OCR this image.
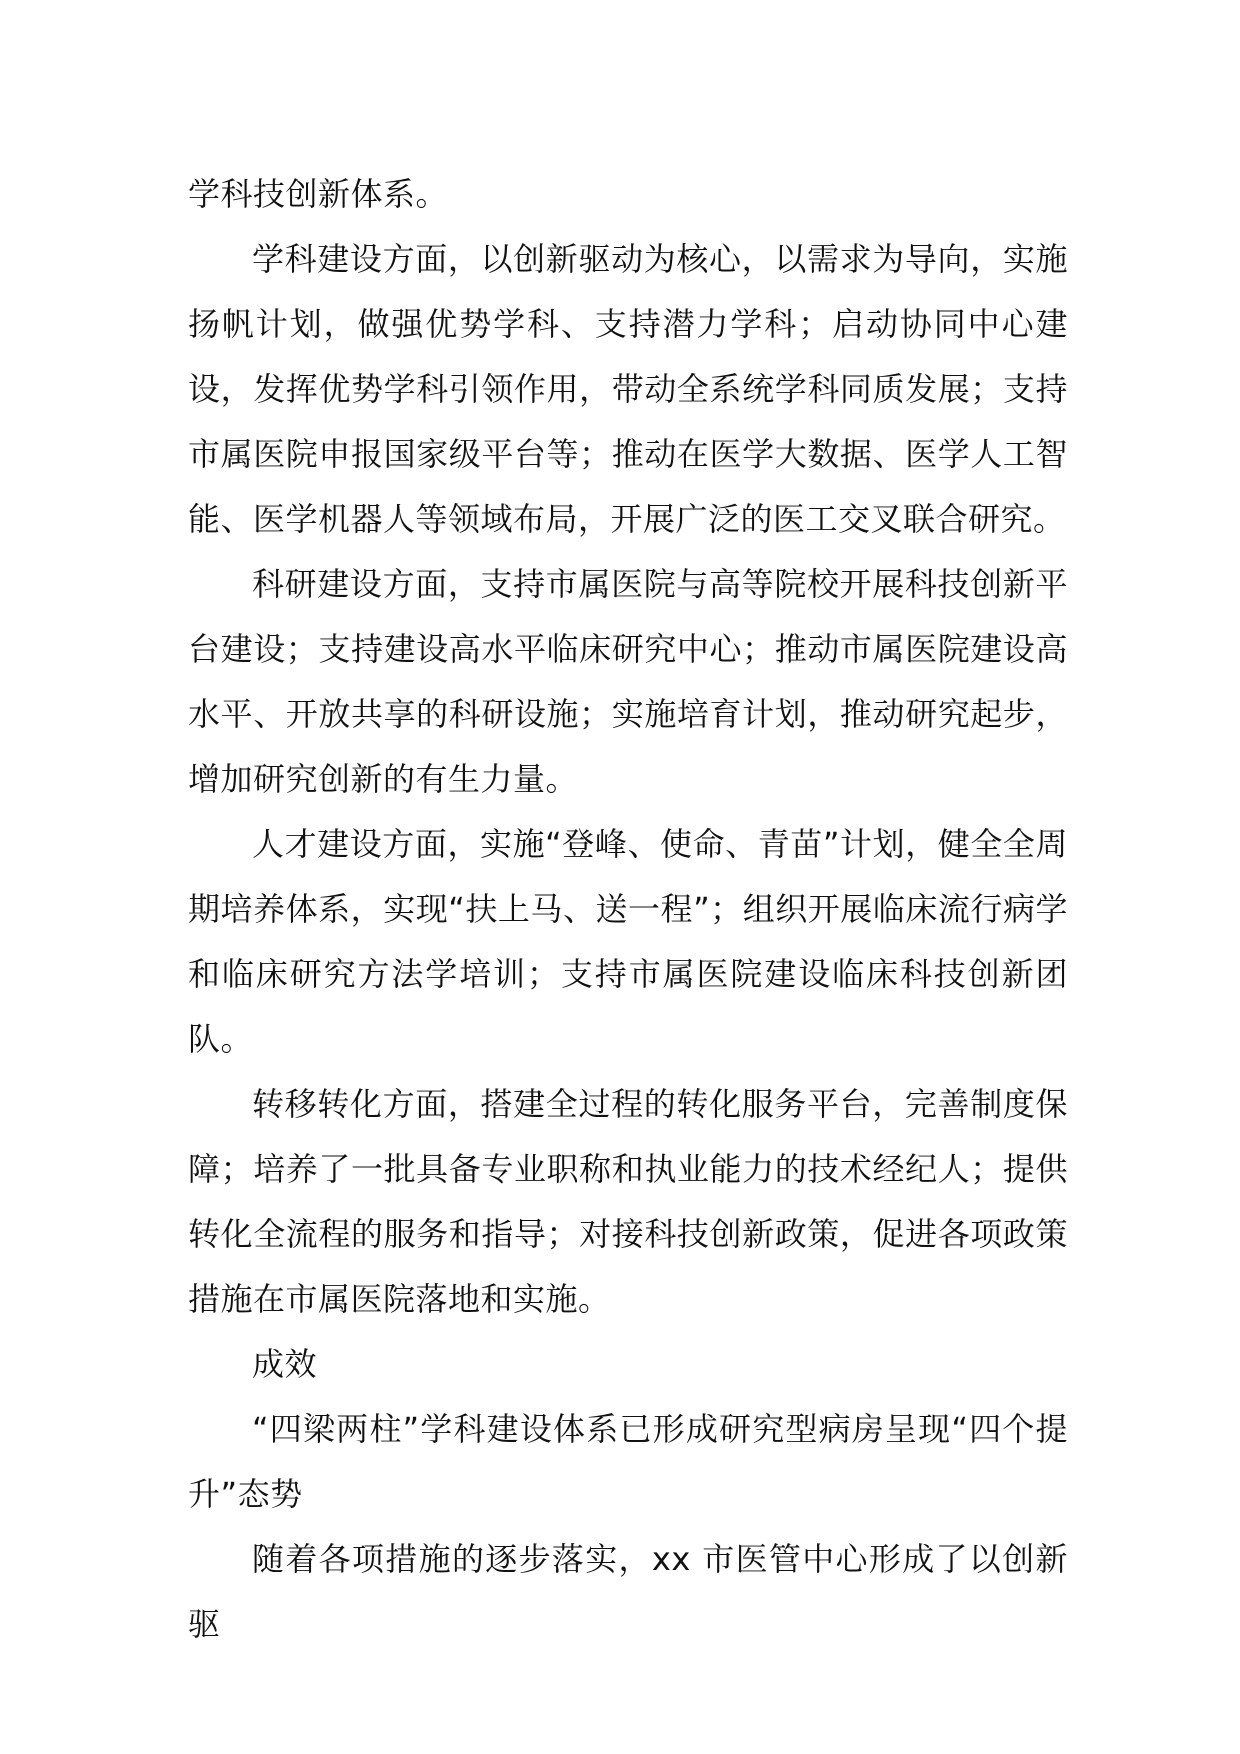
学科技创新体系。

学科建设方面，以创新驱动为核心，以需求为导向，实施扬帆计划，做强优势学科、支持潜力学科；启动协同中心建设，发挥优势学科引领作用，带动全系统学科同质发展；支持市属医院申报国家级平台等；推动在医学大数据、医学人工智能、医学机器人等领域布局，开展广泛的医工交叉联合研究。

科研建设方面，支持市属医院与高等院校开展科技创新平台建设；支持建设高水平临床研究中心；推动市属医院建设高水平、开放共享的科研设施；实施培育计划，推动研究起步，增加研究创新的有生力量。

人才建设方面，实施“登峰、使命、青苗”计划，健全全周期培养体系，实现“扶上马、送一程”；组织开展临床流行病学和临床研究方法学培训；支持市属医院建设临床科技创新团队。

转移转化方面，搭建全过程的转化服务平台，完善制度保障；培养了一批具备专业职称和执业能力的技术经纪人；提供转化全流程的服务和指导；对接科技创新政策，促进各项政策措施在市属医院落地和实施。

成效

“四梁两柱”学科建设体系已形成研究型病房呈现“四个提升”态势

随着各项措施的逐步落实，xx 市医管中心形成了以创新驱
